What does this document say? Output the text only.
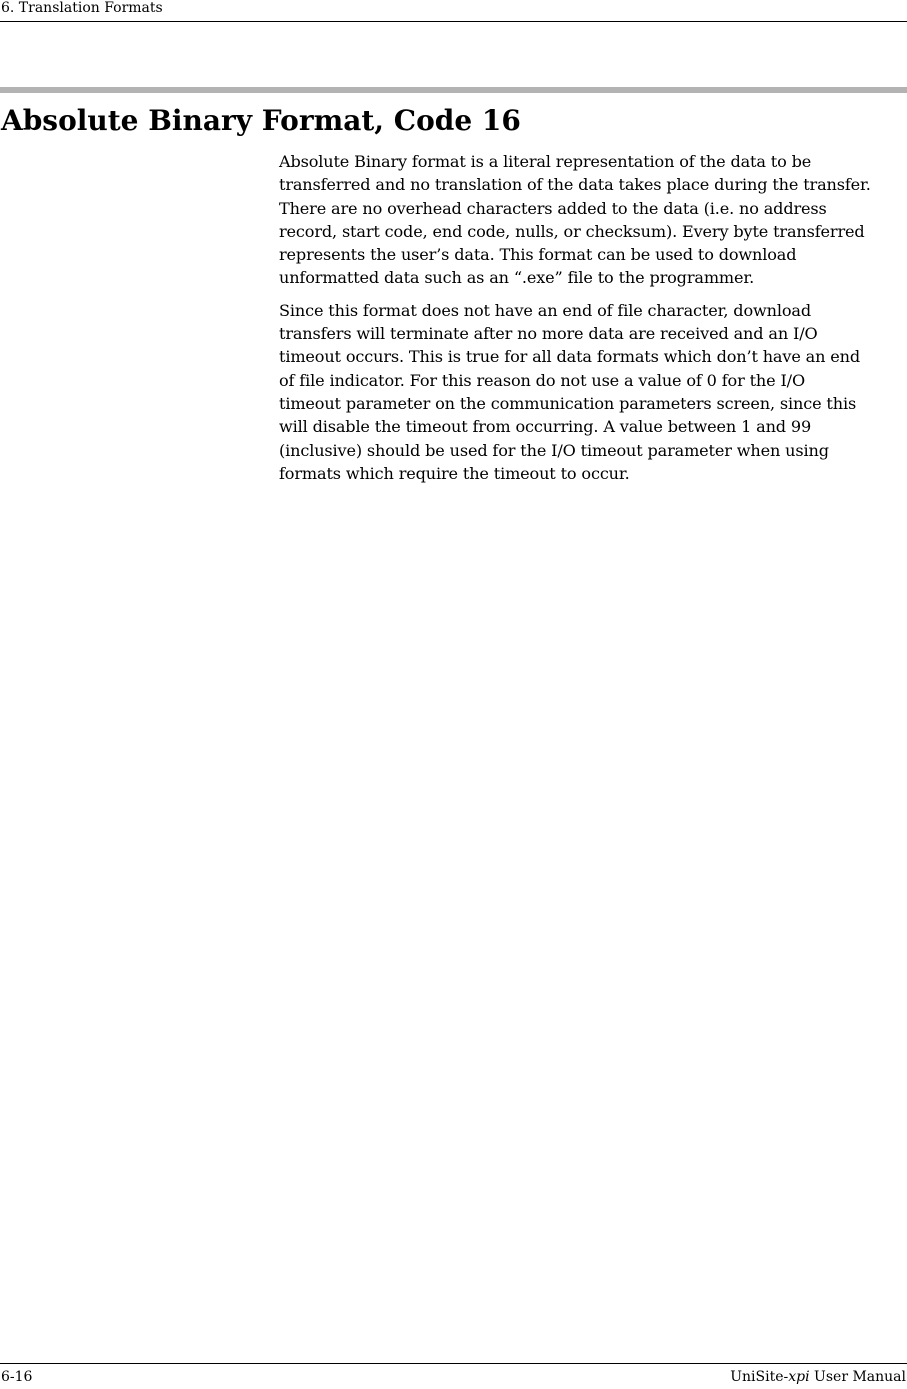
6. Translation Formats
Absolute Binary Format, Code 16

Absolute Binary format is a literal representation of the data to be
transferred and no translation of the data takes place during the transfer.
There are no overhead characters added to the data (i.e. no address
record, start code, end code, nulls, or checksum). Every byte transferred
represents the user’s data. This format can be used to download
unformatted data such as an “.exe” file to the programmer.

Since this format does not have an end of file character, download
transfers will terminate after no more data are received and an I/O
timeout occurs. This is true for all data formats which don’t have an end
of file indicator. For this reason do not use a value of 0 for the I/O
timeout parameter on the communication parameters screen, since this
will disable the timeout from occurring. A value between 1 and 99
(inclusive) should be used for the I/O timeout parameter when using
formats which require the timeout to occur.

6-16	UniSite-xpi User Manual
